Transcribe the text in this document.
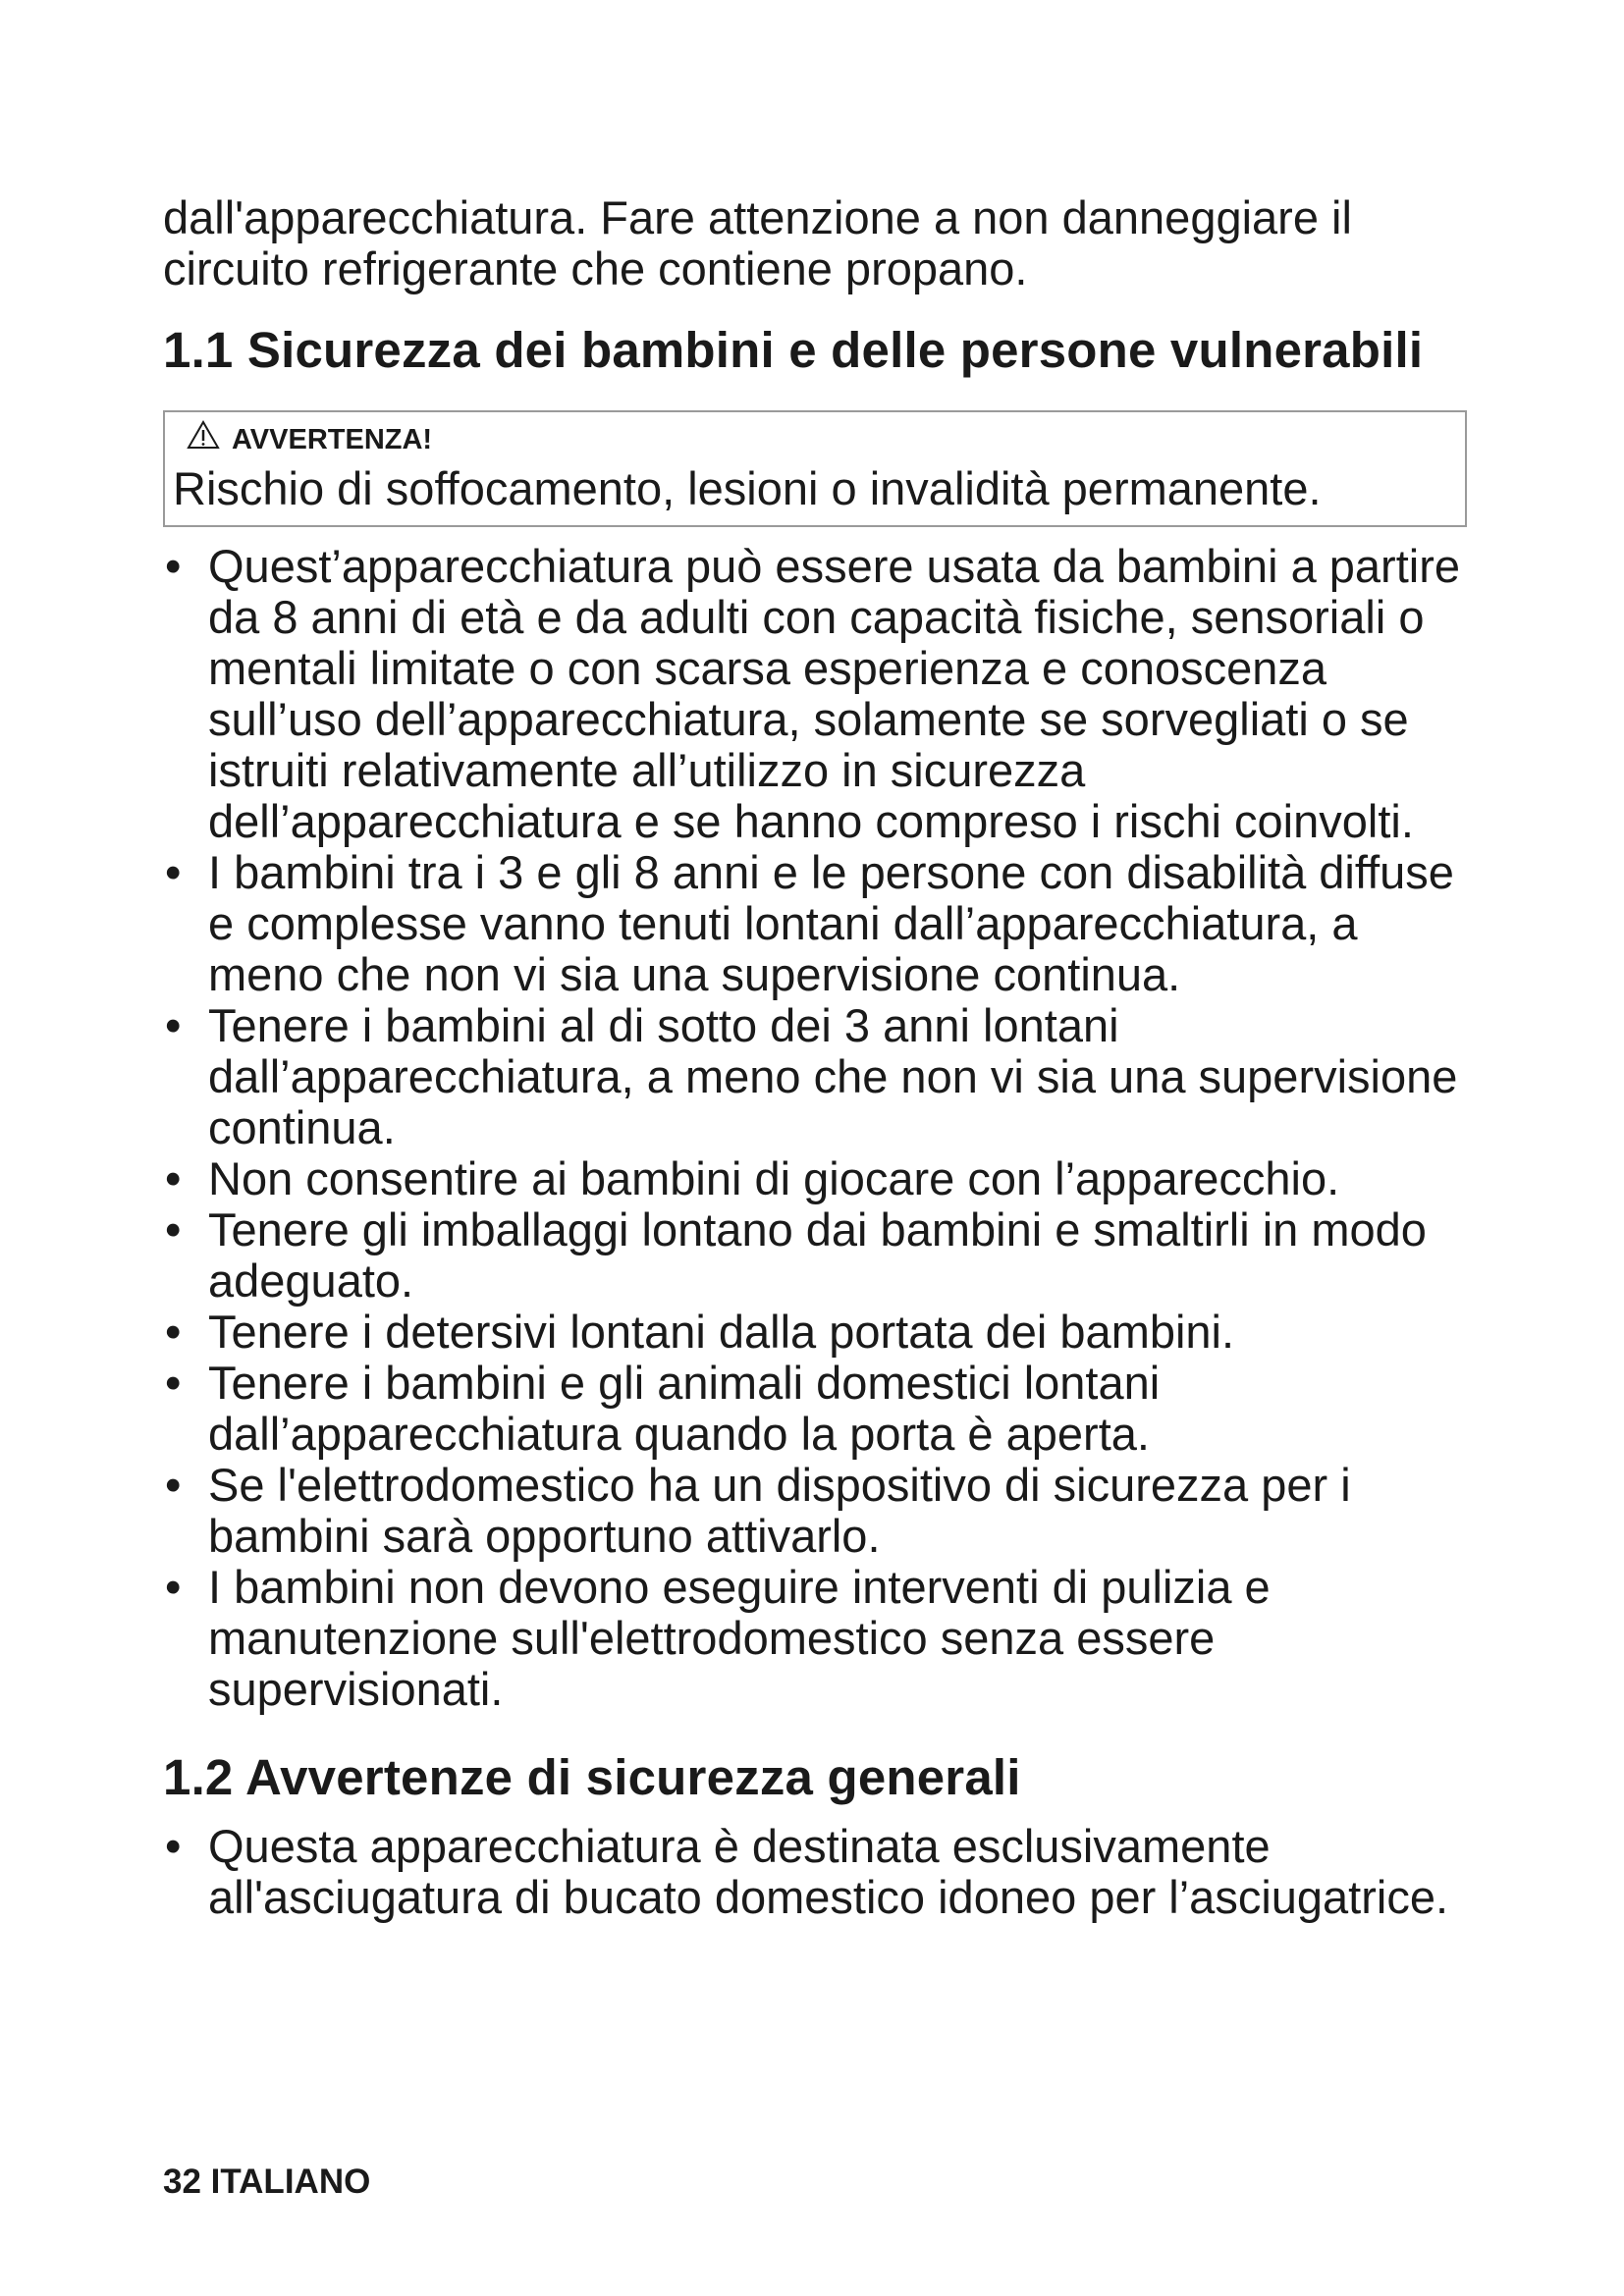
dall'apparecchiatura. Fare attenzione a non danneggiare il circuito refrigerante che contiene propano.

1.1 Sicurezza dei bambini e delle persone vulnerabili
AVVERTENZA!
Rischio di soffocamento, lesioni o invalidità permanente.
• Quest’apparecchiatura può essere usata da bambini a partire da 8 anni di età e da adulti con capacità fisiche, sensoriali o mentali limitate o con scarsa esperienza e conoscenza sull’uso dell’apparecchiatura, solamente se sorvegliati o se istruiti relativamente all’utilizzo in sicurezza dell’apparecchiatura e se hanno compreso i rischi coinvolti.
• I bambini tra i 3 e gli 8 anni e le persone con disabilità diffuse e complesse vanno tenuti lontani dall’apparecchiatura, a meno che non vi sia una supervisione continua.
• Tenere i bambini al di sotto dei 3 anni lontani dall’apparecchiatura, a meno che non vi sia una supervisione continua.
• Non consentire ai bambini di giocare con l’apparecchio.
• Tenere gli imballaggi lontano dai bambini e smaltirli in modo adeguato.
• Tenere i detersivi lontani dalla portata dei bambini.
• Tenere i bambini e gli animali domestici lontani dall’apparecchiatura quando la porta è aperta.
• Se l'elettrodomestico ha un dispositivo di sicurezza per i bambini sarà opportuno attivarlo.
• I bambini non devono eseguire interventi di pulizia e manutenzione sull'elettrodomestico senza essere supervisionati.
1.2 Avvertenze di sicurezza generali
• Questa apparecchiatura è destinata esclusivamente all'asciugatura di bucato domestico idoneo per l’asciugatrice.
32 ITALIANO
